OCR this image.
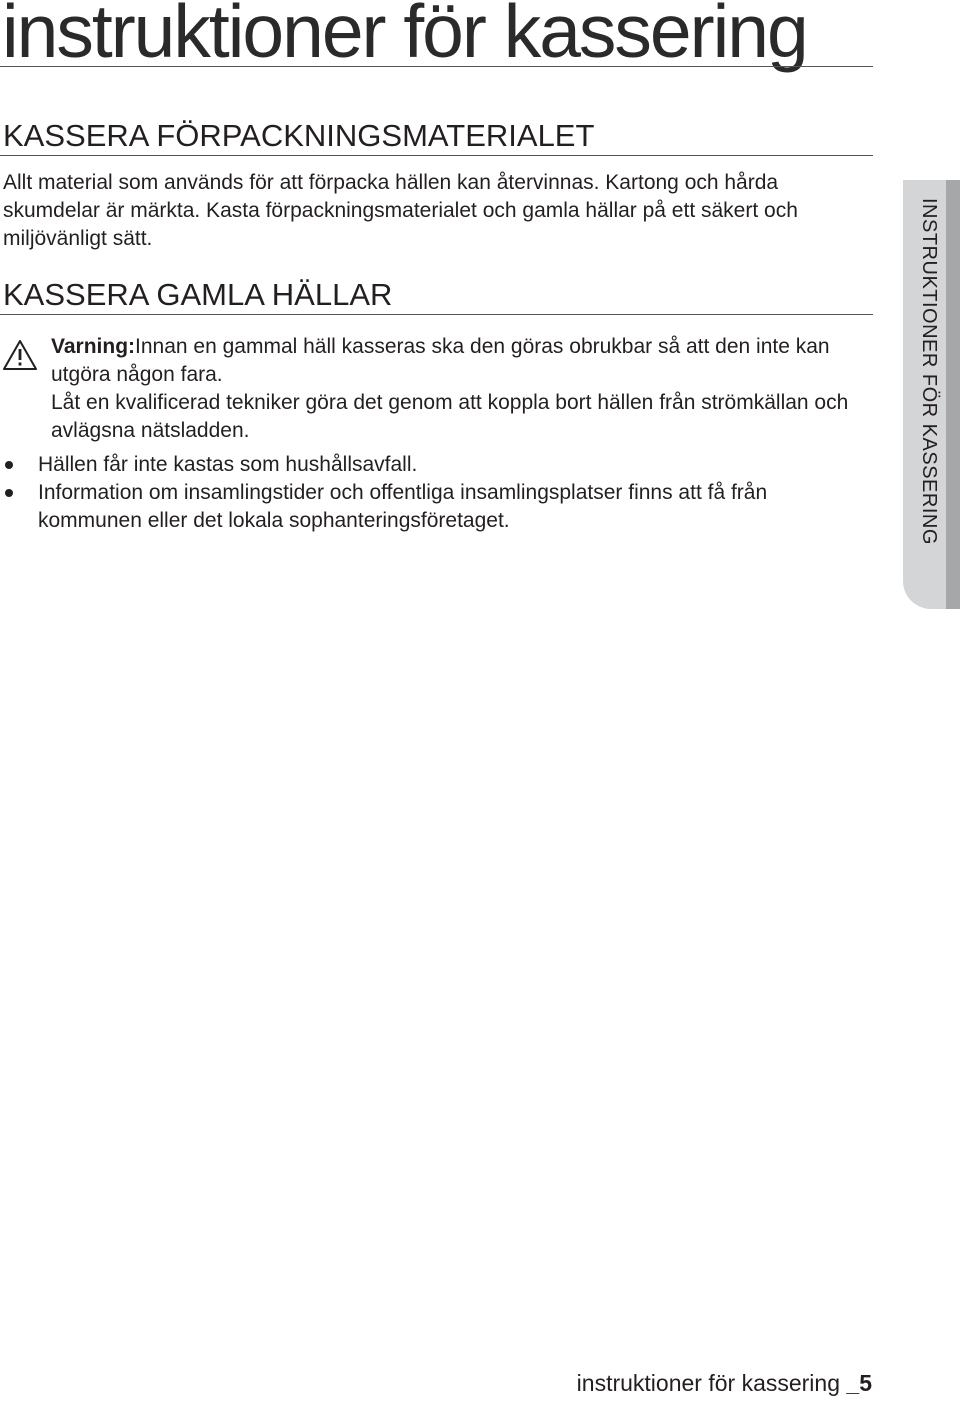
instruktioner för kassering
KASSERA FÖRPACKNINGSMATERIALET

Allt material som används för att förpacka hällen kan återvinnas. Kartong och hårda skumdelar är märkta. Kasta förpackningsmaterialet och gamla hällar på ett säkert och miljövänligt sätt.

KASSERA GAMLA HÄLLAR

Varning:Innan en gammal häll kasseras ska den göras obrukbar så att den inte kan utgöra någon fara.
Låt en kvalificerad tekniker göra det genom att koppla bort hällen från strömkällan och avlägsna nätsladden.

Hällen får inte kastas som hushållsavfall.
Information om insamlingstider och offentliga insamlingsplatser finns att få från kommunen eller det lokala sophanteringsföretaget.	INSTRUKTIONER FÖR KASSERING
instruktioner för kassering _5
